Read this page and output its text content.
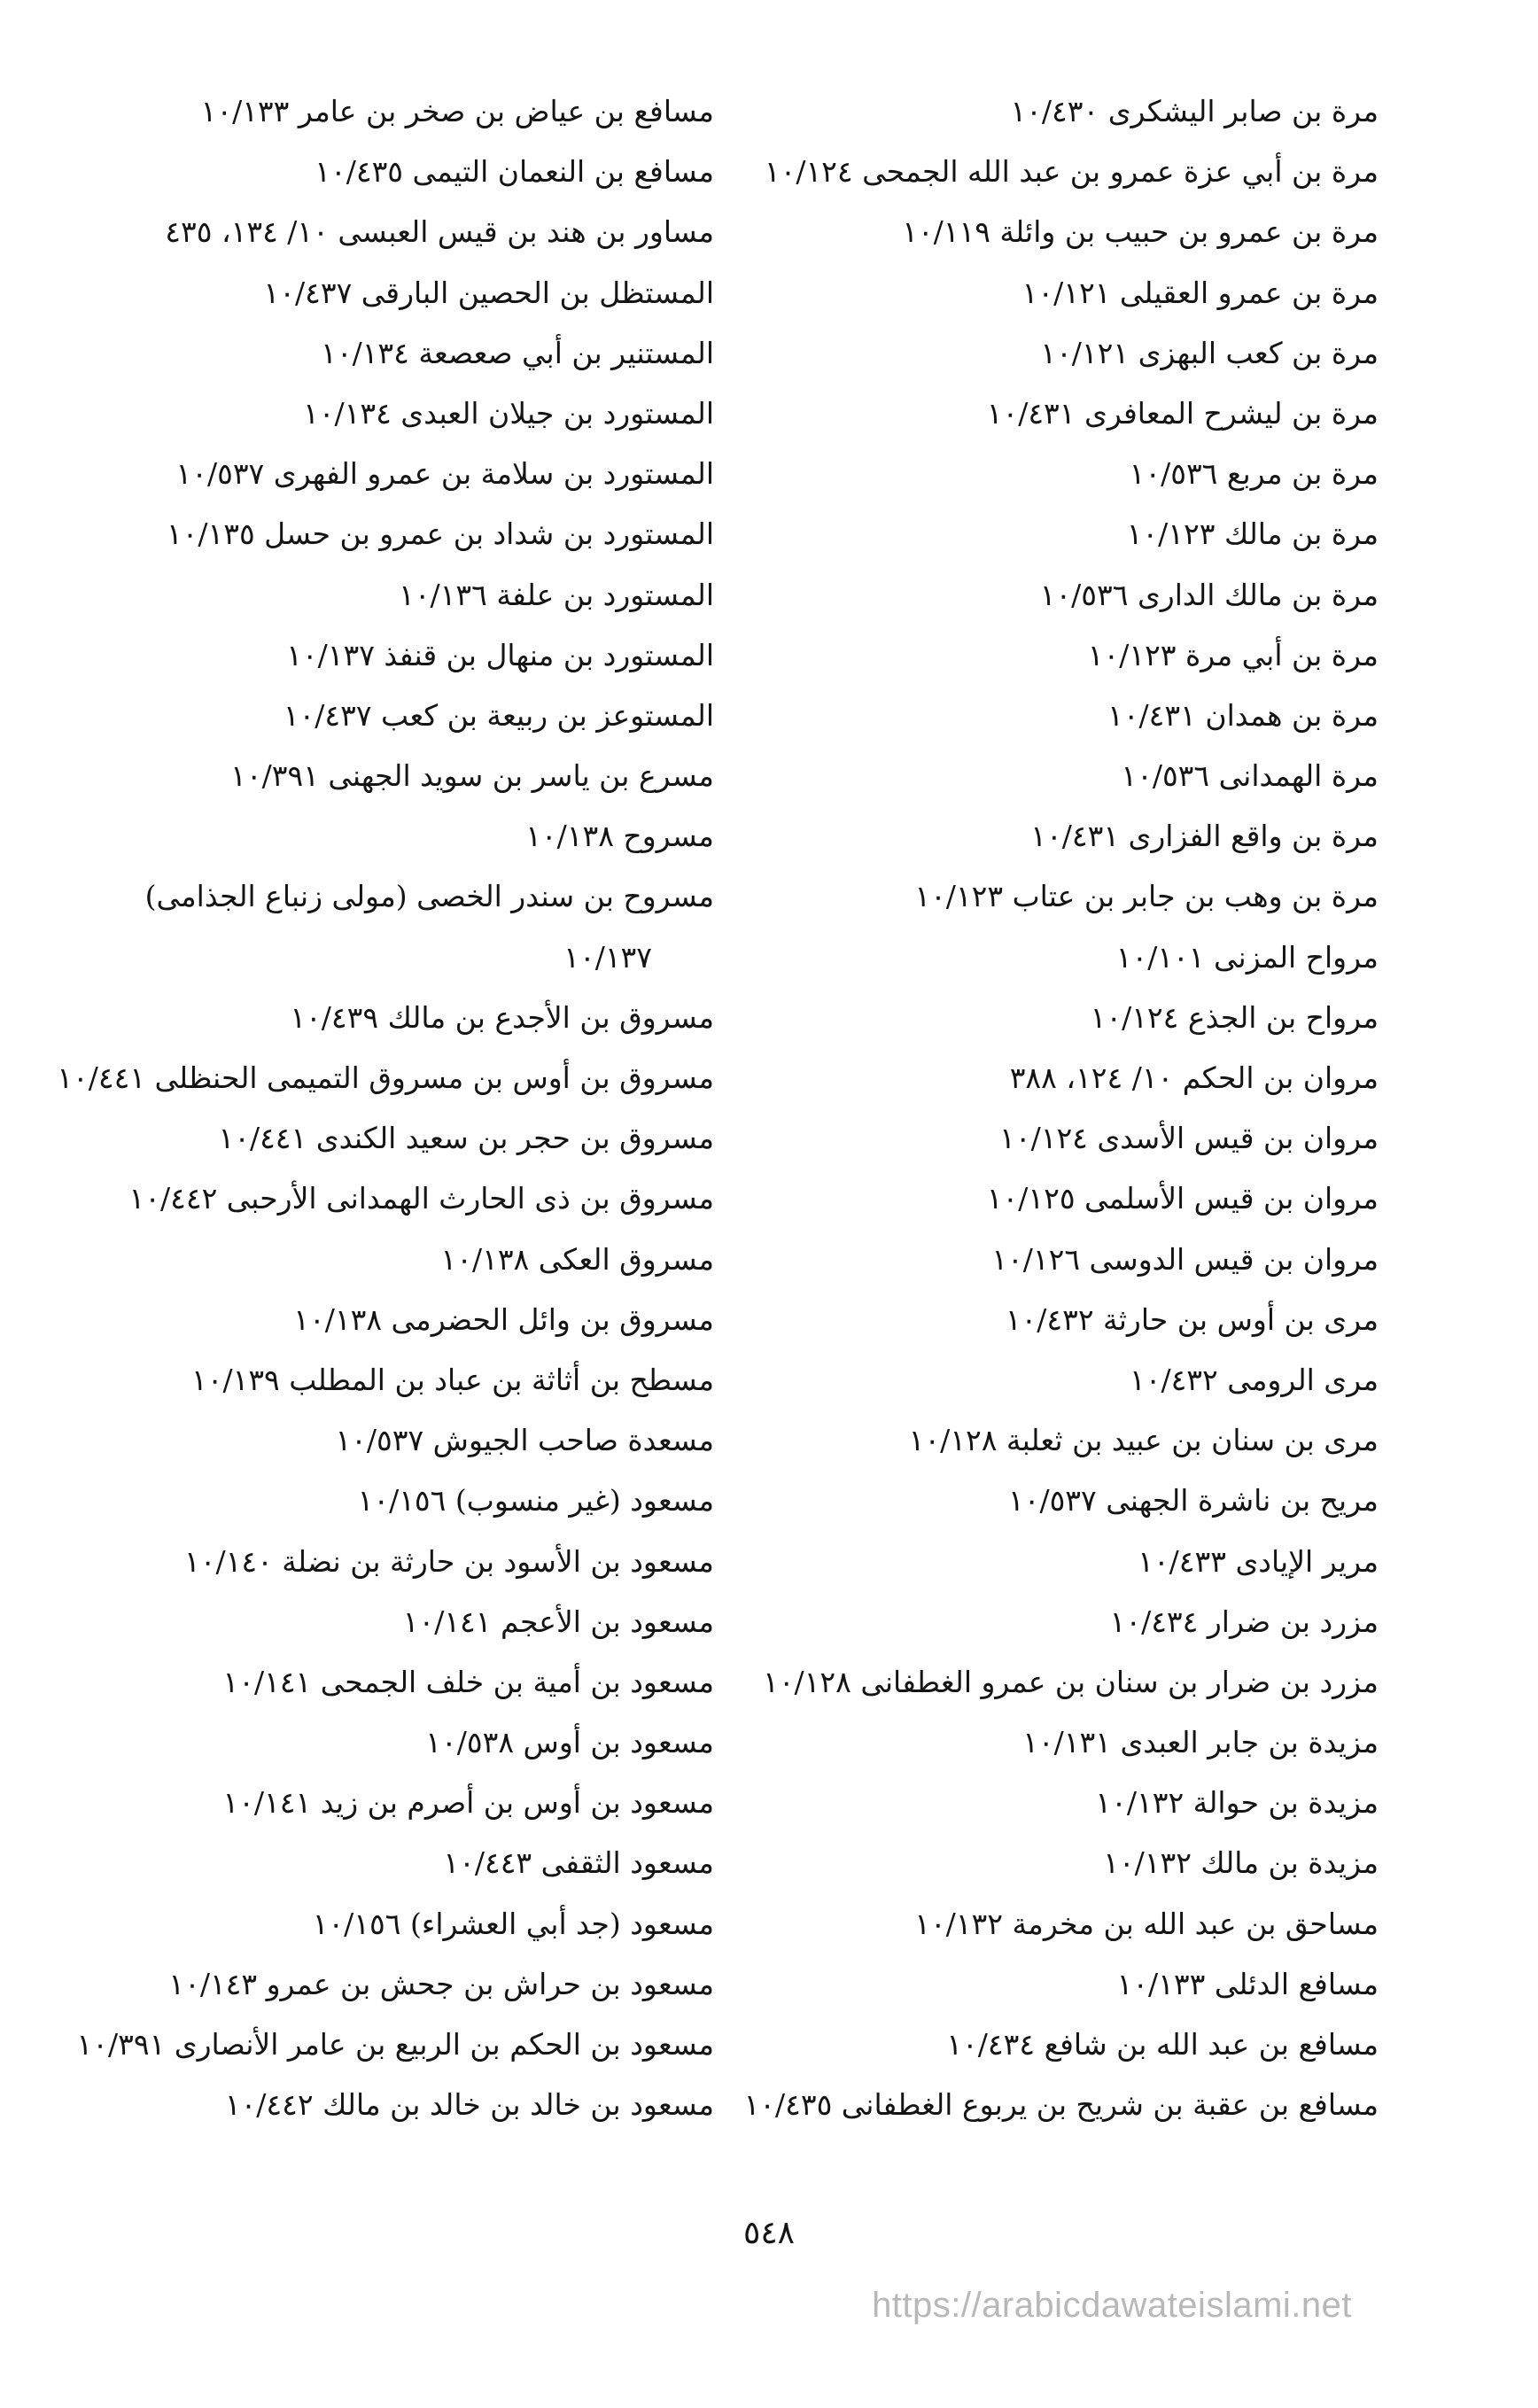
مرة بن صابر اليشكرى ١٠/٤٣٠
مرة بن أبي عزة عمرو بن عبد الله الجمحى ١٠/١٢٤
مرة بن عمرو بن حبيب بن وائلة ١٠/١١٩
مرة بن عمرو العقيلى ١٠/١٢١
مرة بن كعب البهزى ١٠/١٢١
مرة بن ليشرح المعافرى ١٠/٤٣١
مرة بن مربع ١٠/٥٣٦
مرة بن مالك ١٠/١٢٣
مرة بن مالك الدارى ١٠/٥٣٦
مرة بن أبي مرة ١٠/١٢٣
مرة بن همدان ١٠/٤٣١
مرة الهمدانى ١٠/٥٣٦
مرة بن واقع الفزارى ١٠/٤٣١
مرة بن وهب بن جابر بن عتاب ١٠/١٢٣
مرواح المزنى ١٠/١٠١
مرواح بن الجذع ١٠/١٢٤
مروان بن الحكم ١٠/ ١٢٤، ٣٨٨
مروان بن قيس الأسدى ١٠/١٢٤
مروان بن قيس الأسلمى ١٠/١٢٥
مروان بن قيس الدوسى ١٠/١٢٦
مرى بن أوس بن حارثة ١٠/٤٣٢
مرى الرومى ١٠/٤٣٢
مرى بن سنان بن عبيد بن ثعلبة ١٠/١٢٨
مريح بن ناشرة الجهنى ١٠/٥٣٧
مرير الإيادى ١٠/٤٣٣
مزرد بن ضرار ١٠/٤٣٤
مزرد بن ضرار بن سنان بن عمرو الغطفانى ١٠/١٢٨
مزيدة بن جابر العبدى ١٠/١٣١
مزيدة بن حوالة ١٠/١٣٢
مزيدة بن مالك ١٠/١٣٢
مساحق بن عبد الله بن مخرمة ١٠/١٣٢
مسافع الدئلى ١٠/١٣٣
مسافع بن عبد الله بن شافع ١٠/٤٣٤
مسافع بن عقبة بن شريح بن يربوع الغطفانى ١٠/٤٣٥
مسافع بن عياض بن صخر بن عامر ١٠/١٣٣
مسافع بن النعمان التيمى ١٠/٤٣٥
مساور بن هند بن قيس العبسى ١٠/ ١٣٤، ٤٣٥
المستظل بن الحصين البارقى ١٠/٤٣٧
المستنير بن أبي صعصعة ١٠/١٣٤
المستورد بن جيلان العبدى ١٠/١٣٤
المستورد بن سلامة بن عمرو الفهرى ١٠/٥٣٧
المستورد بن شداد بن عمرو بن حسل ١٠/١٣٥
المستورد بن علفة ١٠/١٣٦
المستورد بن منهال بن قنفذ ١٠/١٣٧
المستوعز بن ربيعة بن كعب ١٠/٤٣٧
مسرع بن ياسر بن سويد الجهنى ١٠/٣٩١
مسروح ١٠/١٣٨
مسروح بن سندر الخصى (مولى زنباع الجذامى)
١٠/١٣٧
مسروق بن الأجدع بن مالك ١٠/٤٣٩
مسروق بن أوس بن مسروق التميمى الحنظلى ١٠/٤٤١
مسروق بن حجر بن سعيد الكندى ١٠/٤٤١
مسروق بن ذى الحارث الهمدانى الأرحبى ١٠/٤٤٢
مسروق العكى ١٠/١٣٨
مسروق بن وائل الحضرمى ١٠/١٣٨
مسطح بن أثاثة بن عباد بن المطلب ١٠/١٣٩
مسعدة صاحب الجيوش ١٠/٥٣٧
مسعود (غير منسوب) ١٠/١٥٦
مسعود بن الأسود بن حارثة بن نضلة ١٠/١٤٠
مسعود بن الأعجم ١٠/١٤١
مسعود بن أمية بن خلف الجمحى ١٠/١٤١
مسعود بن أوس ١٠/٥٣٨
مسعود بن أوس بن أصرم بن زيد ١٠/١٤١
مسعود الثقفى ١٠/٤٤٣
مسعود (جد أبي العشراء) ١٠/١٥٦
مسعود بن حراش بن جحش بن عمرو ١٠/١٤٣
مسعود بن الحكم بن الربيع بن عامر الأنصارى ١٠/٣٩١
مسعود بن خالد بن خالد بن مالك ١٠/٤٤٢
٥٤٨
https://arabicdawateislami.net
